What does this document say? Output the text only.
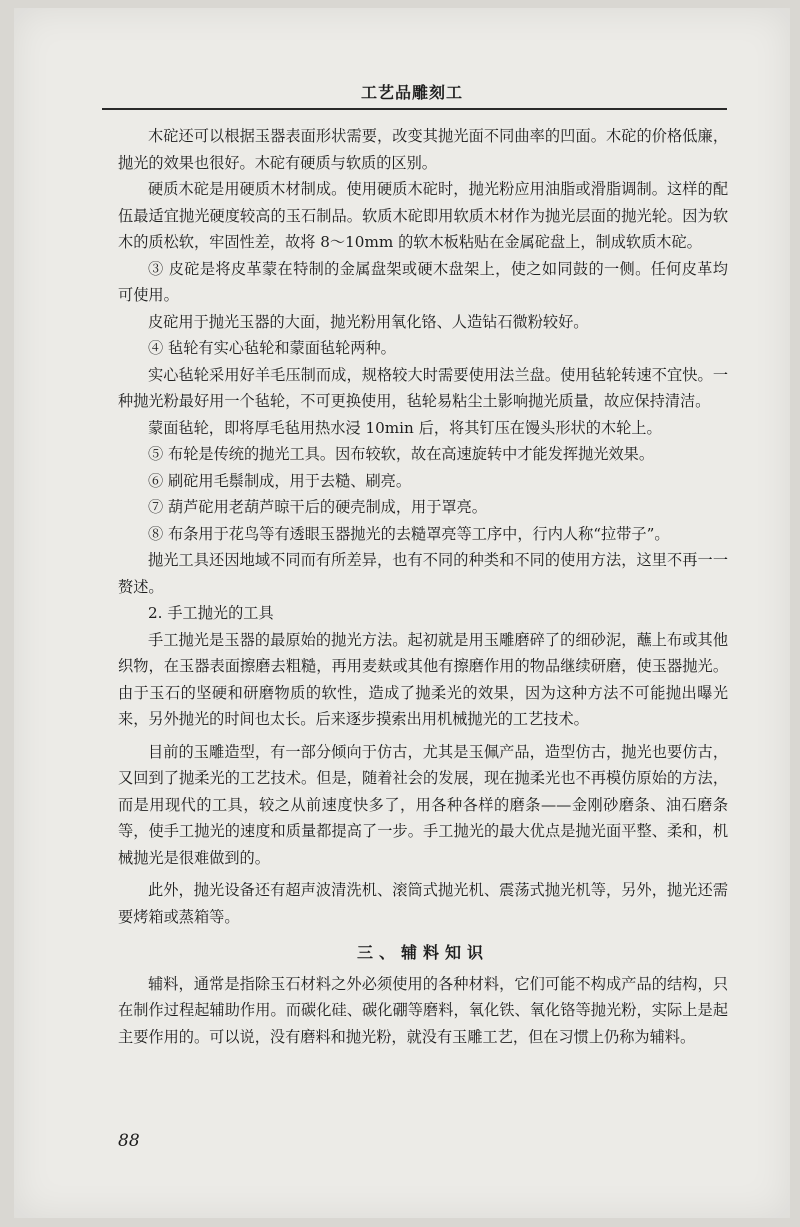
工艺品雕刻工

木砣还可以根据玉器表面形状需要，改变其抛光面不同曲率的凹面。木砣的价格低廉，抛光的效果也很好。木砣有硬质与软质的区别。

硬质木砣是用硬质木材制成。使用硬质木砣时，抛光粉应用油脂或滑脂调制。这样的配伍最适宜抛光硬度较高的玉石制品。软质木砣即用软质木材作为抛光层面的抛光轮。因为软木的质松软，牢固性差，故将 8～10mm 的软木板粘贴在金属砣盘上，制成软质木砣。

③ 皮砣是将皮革蒙在特制的金属盘架或硬木盘架上，使之如同鼓的一侧。任何皮革均可使用。

皮砣用于抛光玉器的大面，抛光粉用氧化铬、人造钻石微粉较好。

④ 毡轮有实心毡轮和蒙面毡轮两种。

实心毡轮采用好羊毛压制而成，规格较大时需要使用法兰盘。使用毡轮转速不宜快。一种抛光粉最好用一个毡轮，不可更换使用，毡轮易粘尘土影响抛光质量，故应保持清洁。

蒙面毡轮，即将厚毛毡用热水浸 10min 后，将其钉压在馒头形状的木轮上。

⑤ 布轮是传统的抛光工具。因布较软，故在高速旋转中才能发挥抛光效果。

⑥ 刷砣用毛鬃制成，用于去糙、刷亮。

⑦ 葫芦砣用老葫芦晾干后的硬壳制成，用于罩亮。

⑧ 布条用于花鸟等有透眼玉器抛光的去糙罩亮等工序中，行内人称“拉带子”。

抛光工具还因地域不同而有所差异，也有不同的种类和不同的使用方法，这里不再一一赘述。

2. 手工抛光的工具

手工抛光是玉器的最原始的抛光方法。起初就是用玉雕磨碎了的细砂泥，蘸上布或其他织物，在玉器表面擦磨去粗糙，再用麦麸或其他有擦磨作用的物品继续研磨，使玉器抛光。由于玉石的坚硬和研磨物质的软性，造成了抛柔光的效果，因为这种方法不可能抛出曝光来，另外抛光的时间也太长。后来逐步摸索出用机械抛光的工艺技术。

目前的玉雕造型，有一部分倾向于仿古，尤其是玉佩产品，造型仿古，抛光也要仿古，又回到了抛柔光的工艺技术。但是，随着社会的发展，现在抛柔光也不再模仿原始的方法，而是用现代的工具，较之从前速度快多了，用各种各样的磨条——金刚砂磨条、油石磨条等，使手工抛光的速度和质量都提高了一步。手工抛光的最大优点是抛光面平整、柔和，机械抛光是很难做到的。

此外，抛光设备还有超声波清洗机、滚筒式抛光机、震荡式抛光机等，另外，抛光还需要烤箱或蒸箱等。

三、辅料知识

辅料，通常是指除玉石材料之外必须使用的各种材料，它们可能不构成产品的结构，只在制作过程起辅助作用。而碳化硅、碳化硼等磨料，氧化铁、氧化铬等抛光粉，实际上是起主要作用的。可以说，没有磨料和抛光粉，就没有玉雕工艺，但在习惯上仍称为辅料。

88
